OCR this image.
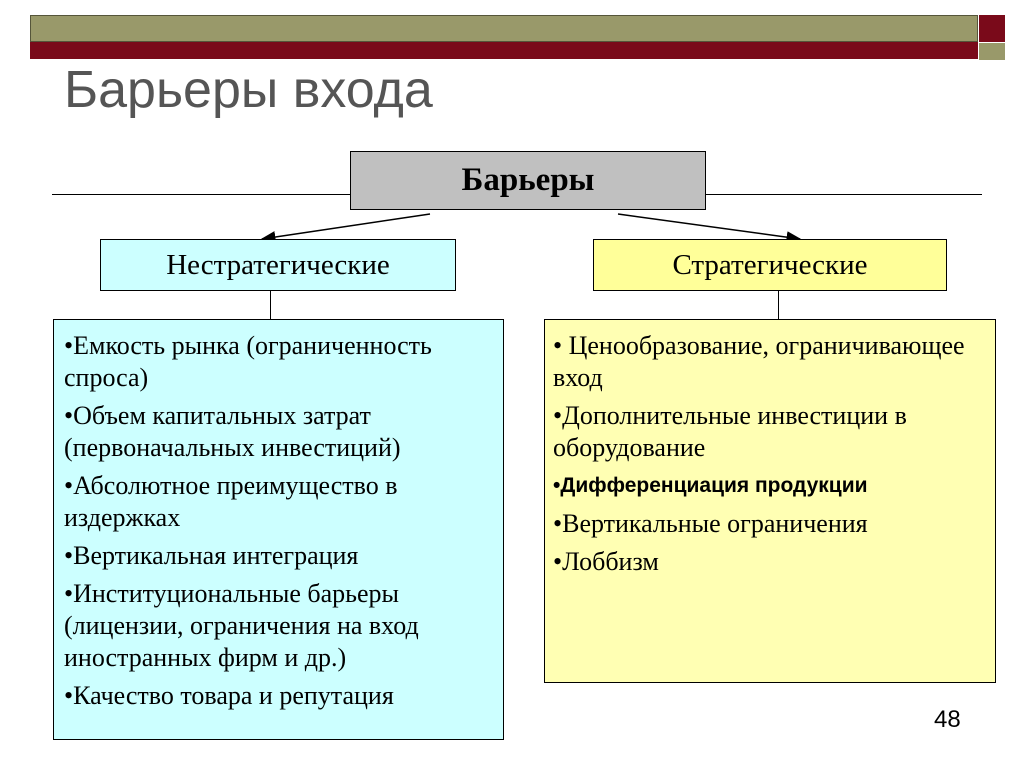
Барьеры входа
Барьеры
Нестратегические	Стратегические
•Емкость рынка (ограниченность спроса)
•Объем капитальных затрат (первоначальных инвестиций)
•Абсолютное преимущество в издержках
•Вертикальная интеграция
•Институциональные барьеры (лицензии, ограничения на вход иностранных фирм и др.)
•Качество товара и репутация
• Ценообразование, ограничивающее вход
•Дополнительные инвестиции в оборудование
•Дифференциация продукции
•Вертикальные ограничения
•Лоббизм
48
